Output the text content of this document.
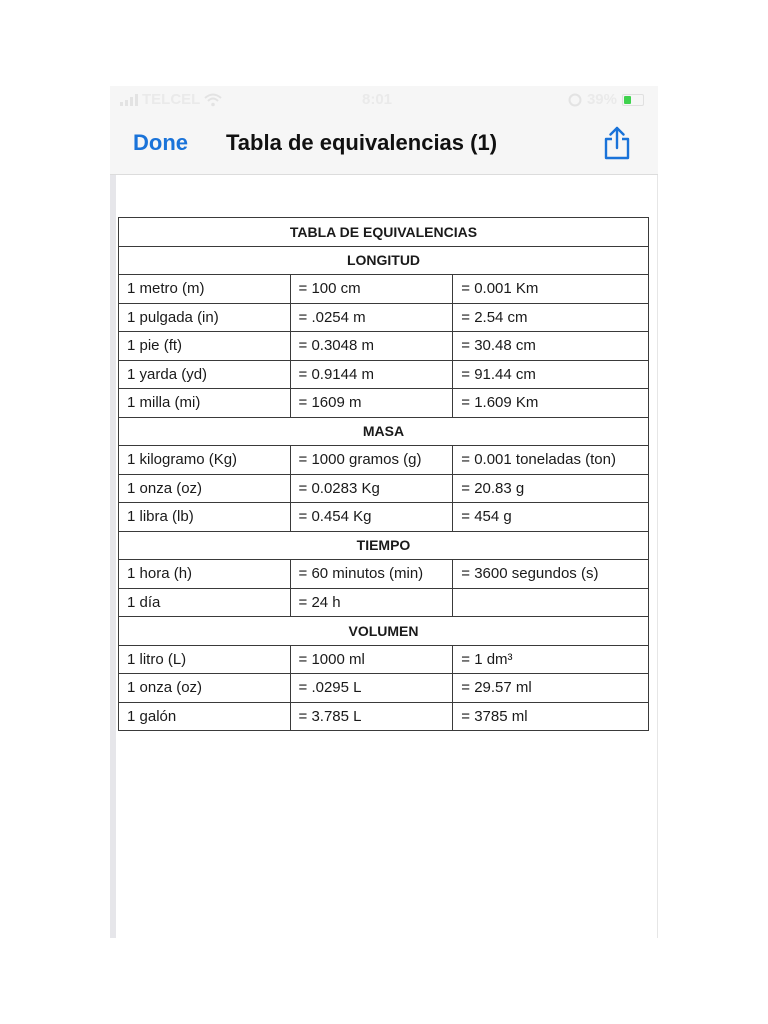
TELCEL	8:01	39%
Done Tabla de equivalencias (1)
TABLA DE EQUIVALENCIAS		
LONGITUD		
1 metro (m)	= 100 cm	= 0.001 Km
1 pulgada (in)	= .0254 m	= 2.54 cm
1 pie (ft)	= 0.3048 m	= 30.48 cm
1 yarda (yd)	= 0.9144 m	= 91.44 cm
1 milla (mi)	= 1609 m	= 1.609 Km
MASA		
1 kilogramo (Kg)	= 1000 gramos (g)	= 0.001 toneladas (ton)
1 onza (oz)	= 0.0283 Kg	= 20.83 g
1 libra (lb)	= 0.454 Kg	= 454 g
TIEMPO		
1 hora (h)	= 60 minutos (min)	= 3600 segundos (s)
1 día	= 24 h	
VOLUMEN		
1 litro (L)	= 1000 ml	= 1 dm³
1 onza (oz)	= .0295 L	= 29.57 ml
1 galón	= 3.785 L	= 3785 ml
